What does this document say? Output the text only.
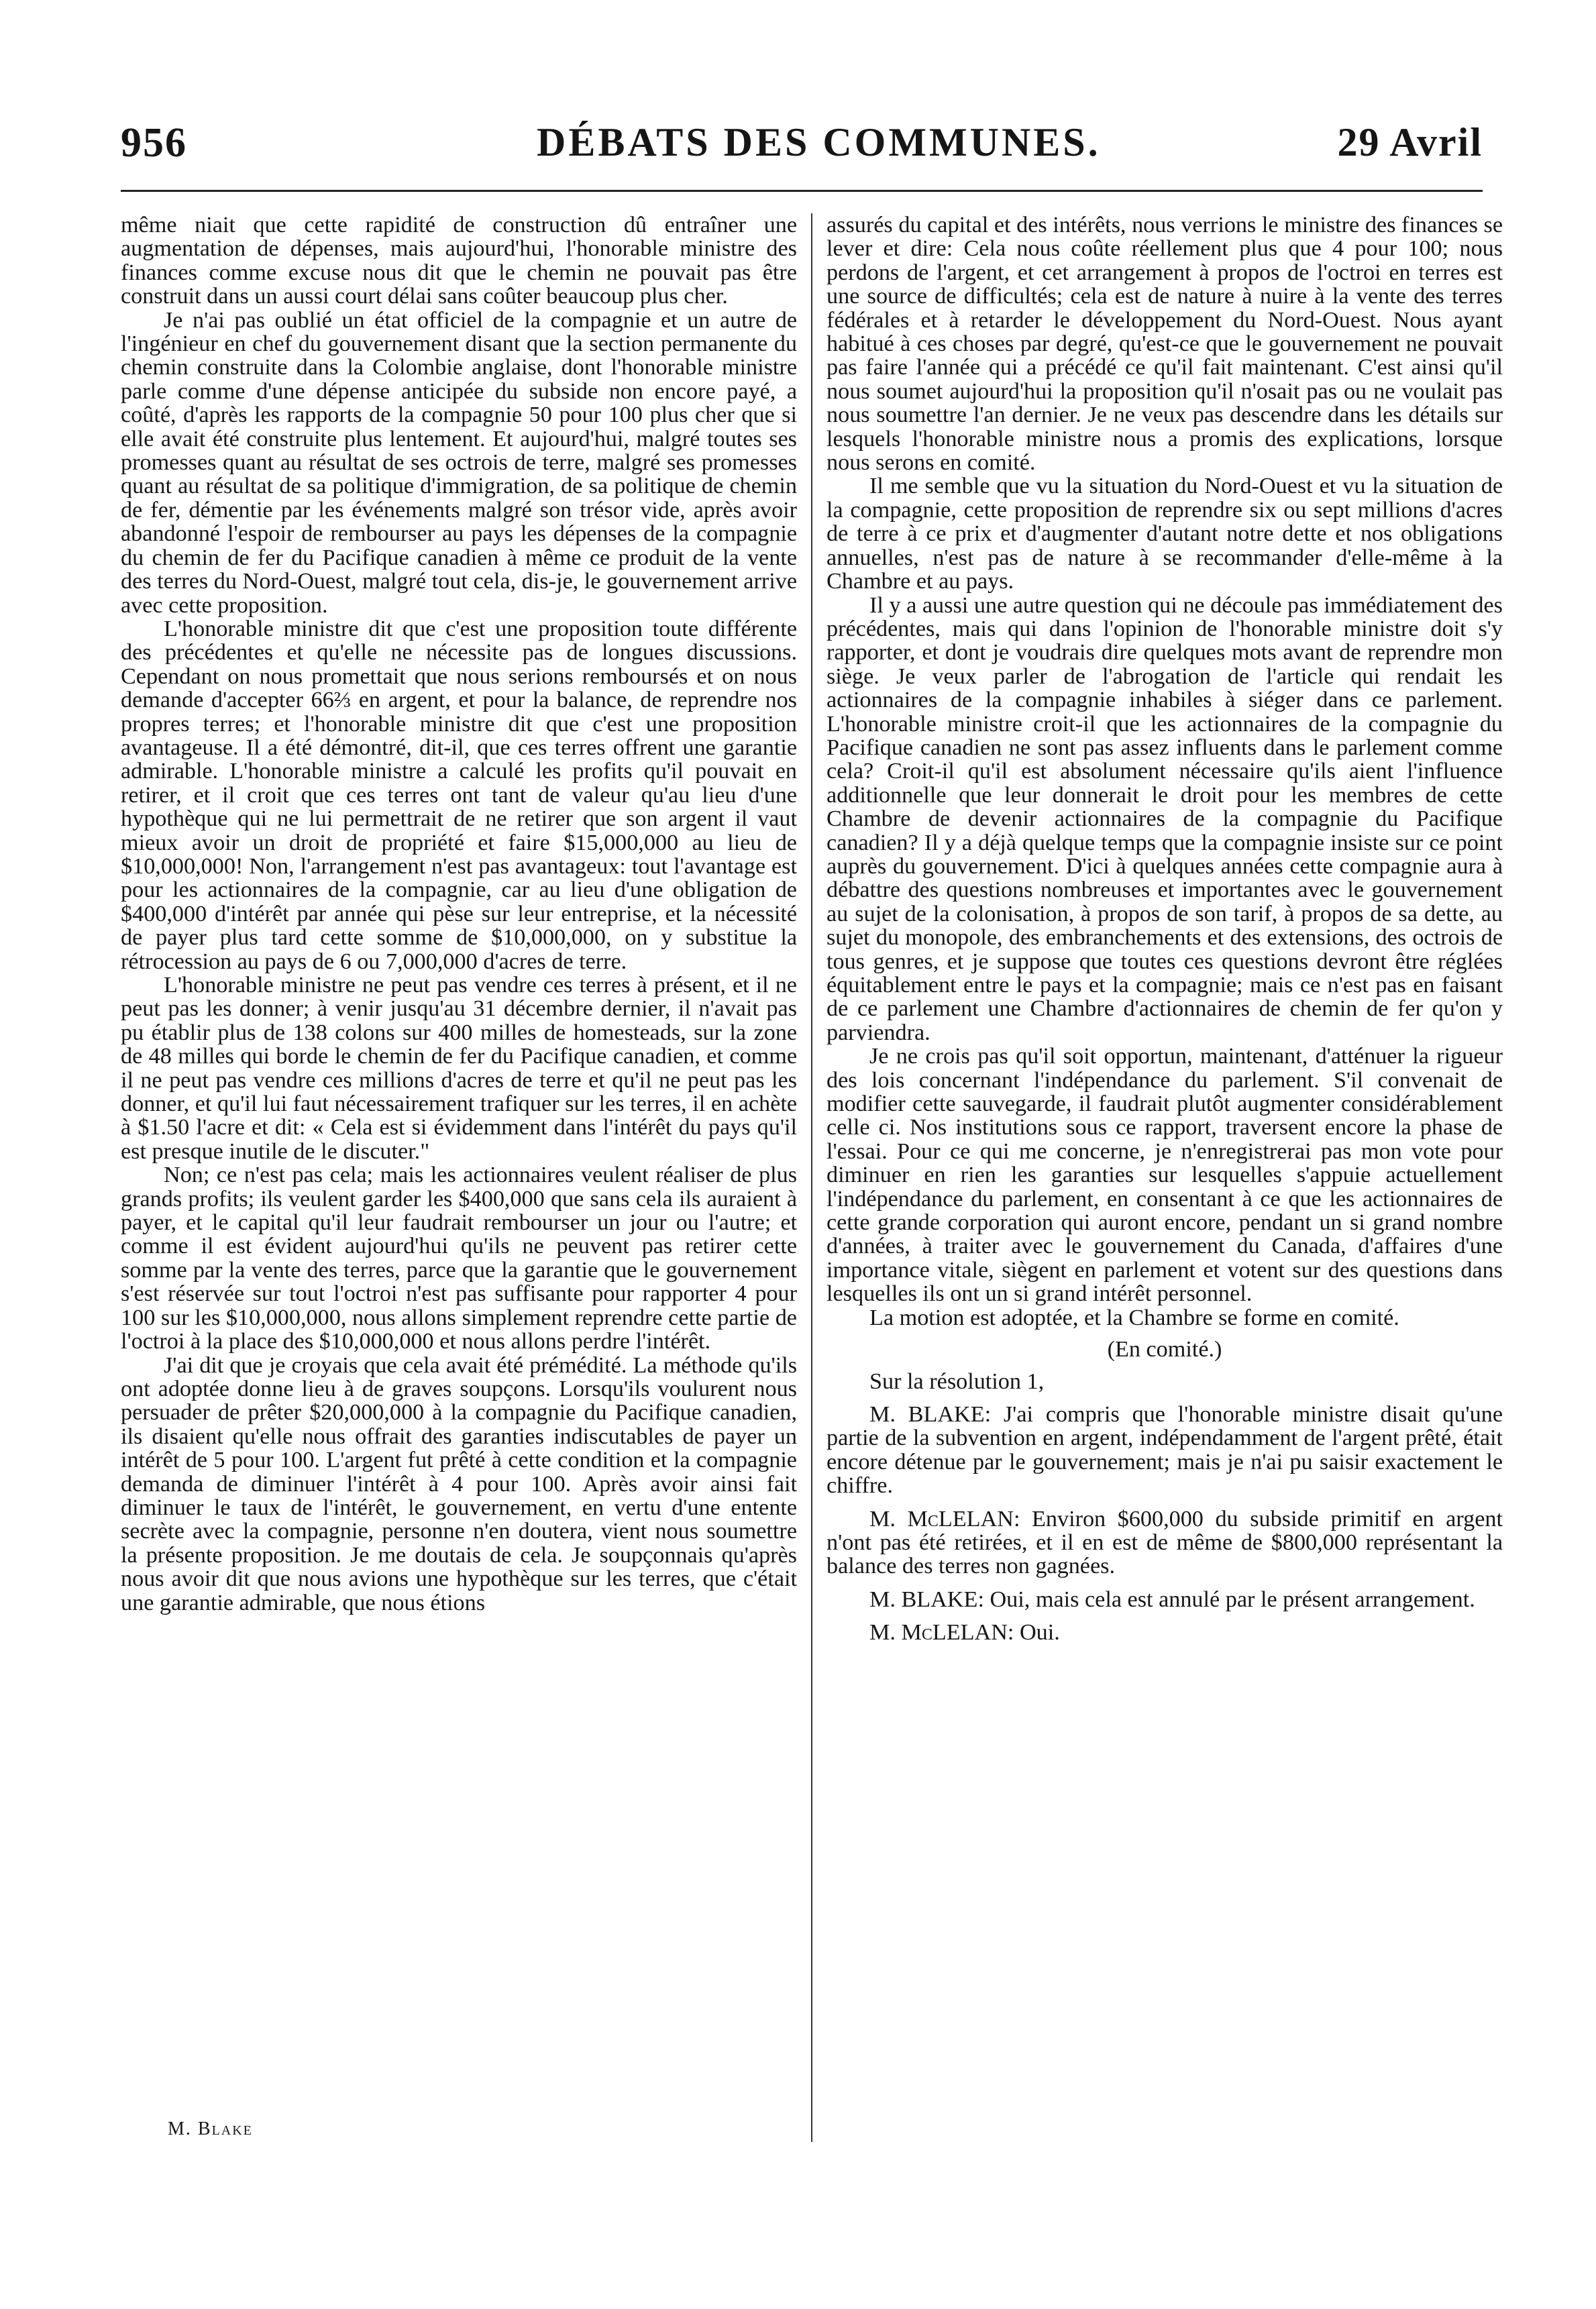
956	DÉBATS DES COMMUNES.	29 Avril

même niait que cette rapidité de construction dû entraîner une augmentation de dépenses, mais aujourd'hui, l'honorable ministre des finances comme excuse nous dit que le chemin ne pouvait pas être construit dans un aussi court délai sans coûter beaucoup plus cher.

Je n'ai pas oublié un état officiel de la compagnie et un autre de l'ingénieur en chef du gouvernement disant que la section permanente du chemin construite dans la Colombie anglaise, dont l'honorable ministre parle comme d'une dépense anticipée du subside non encore payé, a coûté, d'après les rapports de la compagnie 50 pour 100 plus cher que si elle avait été construite plus lentement. Et aujourd'hui, malgré toutes ses promesses quant au résultat de ses octrois de terre, malgré ses promesses quant au résultat de sa politique d'immigration, de sa politique de chemin de fer, démentie par les événements malgré son trésor vide, après avoir abandonné l'espoir de rembourser au pays les dépenses de la compagnie du chemin de fer du Pacifique canadien à même ce produit de la vente des terres du Nord-Ouest, malgré tout cela, dis-je, le gouvernement arrive avec cette proposition.

L'honorable ministre dit que c'est une proposition toute différente des précédentes et qu'elle ne nécessite pas de longues discussions. Cependant on nous promettait que nous serions remboursés et on nous demande d'accepter 66⅔ en argent, et pour la balance, de reprendre nos propres terres; et l'honorable ministre dit que c'est une proposition avantageuse. Il a été démontré, dit-il, que ces terres offrent une garantie admirable. L'honorable ministre a calculé les profits qu'il pouvait en retirer, et il croit que ces terres ont tant de valeur qu'au lieu d'une hypothèque qui ne lui permettrait de ne retirer que son argent il vaut mieux avoir un droit de propriété et faire $15,000,000 au lieu de $10,000,000! Non, l'arrangement n'est pas avantageux: tout l'avantage est pour les actionnaires de la compagnie, car au lieu d'une obligation de $400,000 d'intérêt par année qui pèse sur leur entreprise, et la nécessité de payer plus tard cette somme de $10,000,000, on y substitue la rétrocession au pays de 6 ou 7,000,000 d'acres de terre.

L'honorable ministre ne peut pas vendre ces terres à présent, et il ne peut pas les donner; à venir jusqu'au 31 décembre dernier, il n'avait pas pu établir plus de 138 colons sur 400 milles de homesteads, sur la zone de 48 milles qui borde le chemin de fer du Pacifique canadien, et comme il ne peut pas vendre ces millions d'acres de terre et qu'il ne peut pas les donner, et qu'il lui faut nécessairement trafiquer sur les terres, il en achète à $1.50 l'acre et dit: « Cela est si évidemment dans l'intérêt du pays qu'il est presque inutile de le discuter."

Non; ce n'est pas cela; mais les actionnaires veulent réaliser de plus grands profits; ils veulent garder les $400,000 que sans cela ils auraient à payer, et le capital qu'il leur faudrait rembourser un jour ou l'autre; et comme il est évident aujourd'hui qu'ils ne peuvent pas retirer cette somme par la vente des terres, parce que la garantie que le gouvernement s'est réservée sur tout l'octroi n'est pas suffisante pour rapporter 4 pour 100 sur les $10,000,000, nous allons simplement reprendre cette partie de l'octroi à la place des $10,000,000 et nous allons perdre l'intérêt.

J'ai dit que je croyais que cela avait été prémédité. La méthode qu'ils ont adoptée donne lieu à de graves soupçons. Lorsqu'ils voulurent nous persuader de prêter $20,000,000 à la compagnie du Pacifique canadien, ils disaient qu'elle nous offrait des garanties indiscutables de payer un intérêt de 5 pour 100. L'argent fut prêté à cette condition et la compagnie demanda de diminuer l'intérêt à 4 pour 100. Après avoir ainsi fait diminuer le taux de l'intérêt, le gouvernement, en vertu d'une entente secrète avec la compagnie, personne n'en doutera, vient nous soumettre la présente proposition. Je me doutais de cela. Je soupçonnais qu'après nous avoir dit que nous avions une hypothèque sur les terres, que c'était une garantie admirable, que nous étions

M. Blake

assurés du capital et des intérêts, nous verrions le ministre des finances se lever et dire: Cela nous coûte réellement plus que 4 pour 100; nous perdons de l'argent, et cet arrangement à propos de l'octroi en terres est une source de difficultés; cela est de nature à nuire à la vente des terres fédérales et à retarder le développement du Nord-Ouest. Nous ayant habitué à ces choses par degré, qu'est-ce que le gouvernement ne pouvait pas faire l'année qui a précédé ce qu'il fait maintenant. C'est ainsi qu'il nous soumet aujourd'hui la proposition qu'il n'osait pas ou ne voulait pas nous soumettre l'an dernier. Je ne veux pas descendre dans les détails sur lesquels l'honorable ministre nous a promis des explications, lorsque nous serons en comité.

Il me semble que vu la situation du Nord-Ouest et vu la situation de la compagnie, cette proposition de reprendre six ou sept millions d'acres de terre à ce prix et d'augmenter d'autant notre dette et nos obligations annuelles, n'est pas de nature à se recommander d'elle-même à la Chambre et au pays.

Il y a aussi une autre question qui ne découle pas immédiatement des précédentes, mais qui dans l'opinion de l'honorable ministre doit s'y rapporter, et dont je voudrais dire quelques mots avant de reprendre mon siège. Je veux parler de l'abrogation de l'article qui rendait les actionnaires de la compagnie inhabiles à siéger dans ce parlement. L'honorable ministre croit-il que les actionnaires de la compagnie du Pacifique canadien ne sont pas assez influents dans le parlement comme cela? Croit-il qu'il est absolument nécessaire qu'ils aient l'influence additionnelle que leur donnerait le droit pour les membres de cette Chambre de devenir actionnaires de la compagnie du Pacifique canadien? Il y a déjà quelque temps que la compagnie insiste sur ce point auprès du gouvernement. D'ici à quelques années cette compagnie aura à débattre des questions nombreuses et importantes avec le gouvernement au sujet de la colonisation, à propos de son tarif, à propos de sa dette, au sujet du monopole, des embranchements et des extensions, des octrois de tous genres, et je suppose que toutes ces questions devront être réglées équitablement entre le pays et la compagnie; mais ce n'est pas en faisant de ce parlement une Chambre d'actionnaires de chemin de fer qu'on y parviendra.

Je ne crois pas qu'il soit opportun, maintenant, d'atténuer la rigueur des lois concernant l'indépendance du parlement. S'il convenait de modifier cette sauvegarde, il faudrait plutôt augmenter considérablement celle ci. Nos institutions sous ce rapport, traversent encore la phase de l'essai. Pour ce qui me concerne, je n'enregistrerai pas mon vote pour diminuer en rien les garanties sur lesquelles s'appuie actuellement l'indépendance du parlement, en consentant à ce que les actionnaires de cette grande corporation qui auront encore, pendant un si grand nombre d'années, à traiter avec le gouvernement du Canada, d'affaires d'une importance vitale, siègent en parlement et votent sur des questions dans lesquelles ils ont un si grand intérêt personnel.

La motion est adoptée, et la Chambre se forme en comité.

(En comité.)

Sur la résolution 1,

M. BLAKE: J'ai compris que l'honorable ministre disait qu'une partie de la subvention en argent, indépendamment de l'argent prêté, était encore détenue par le gouvernement; mais je n'ai pu saisir exactement le chiffre.

M. McLELAN: Environ $600,000 du subside primitif en argent n'ont pas été retirées, et il en est de même de $800,000 représentant la balance des terres non gagnées.

M. BLAKE: Oui, mais cela est annulé par le présent arrangement.

M. McLELAN: Oui.
